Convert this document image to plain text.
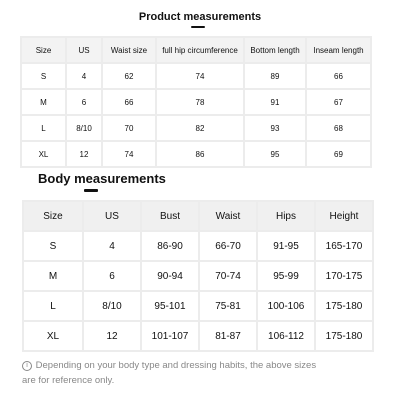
Product measurements
Size	US	Waist size	full hip circumference	Bottom length	Inseam length
S	4	62	74	89	66
M	6	66	78	91	67
L	8/10	70	82	93	68
XL	12	74	86	95	69
Body measurements
Size	US	Bust	Waist	Hips	Height
S	4	86-90	66-70	91-95	165-170
M	6	90-94	70-74	95-99	170-175
L	8/10	95-101	75-81	100-106	175-180
XL	12	101-107	81-87	106-112	175-180
i Depending on your body type and dressing habits, the above sizes are for reference only.
